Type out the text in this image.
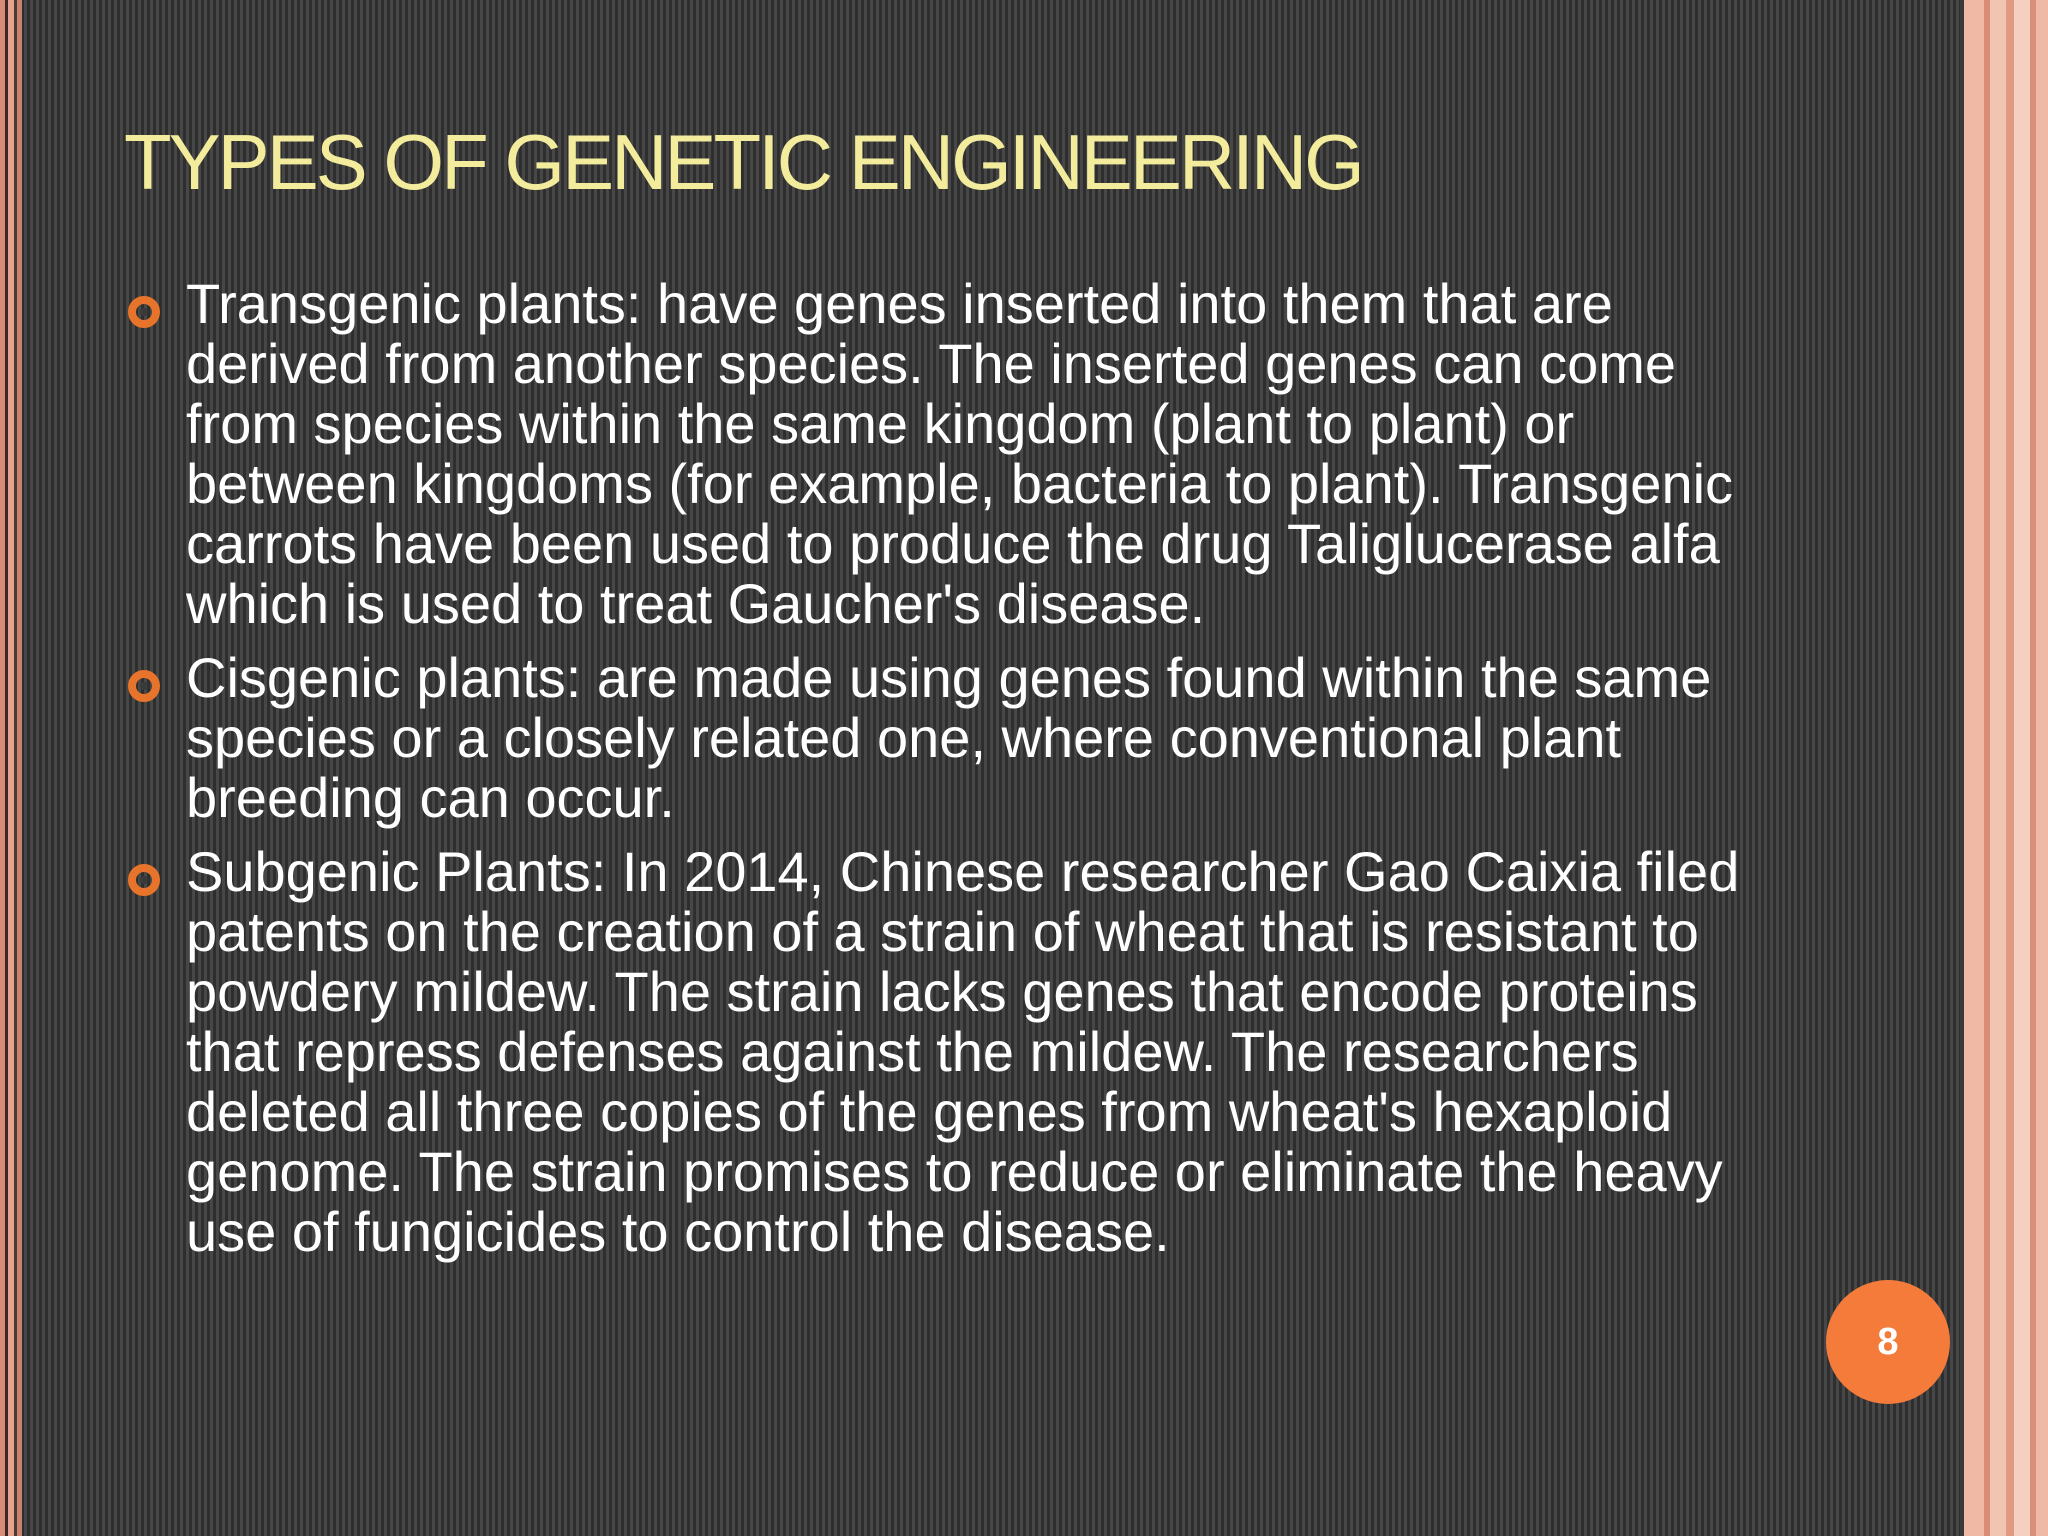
TYPES OF GENETIC ENGINEERING
Transgenic plants: have genes inserted into them that are derived from another species. The inserted genes can come from species within the same kingdom (plant to plant) or between kingdoms (for example, bacteria to plant). Transgenic carrots have been used to produce the drug Taliglucerase alfa which is used to treat Gaucher's disease.
Cisgenic plants: are made using genes found within the same species or a closely related one, where conventional plant breeding can occur.
Subgenic Plants: In 2014, Chinese researcher Gao Caixia filed patents on the creation of a strain of wheat that is resistant to powdery mildew. The strain lacks genes that encode proteins that repress defenses against the mildew. The researchers deleted all three copies of the genes from wheat's hexaploid genome. The strain promises to reduce or eliminate the heavy use of fungicides to control the disease.
8
